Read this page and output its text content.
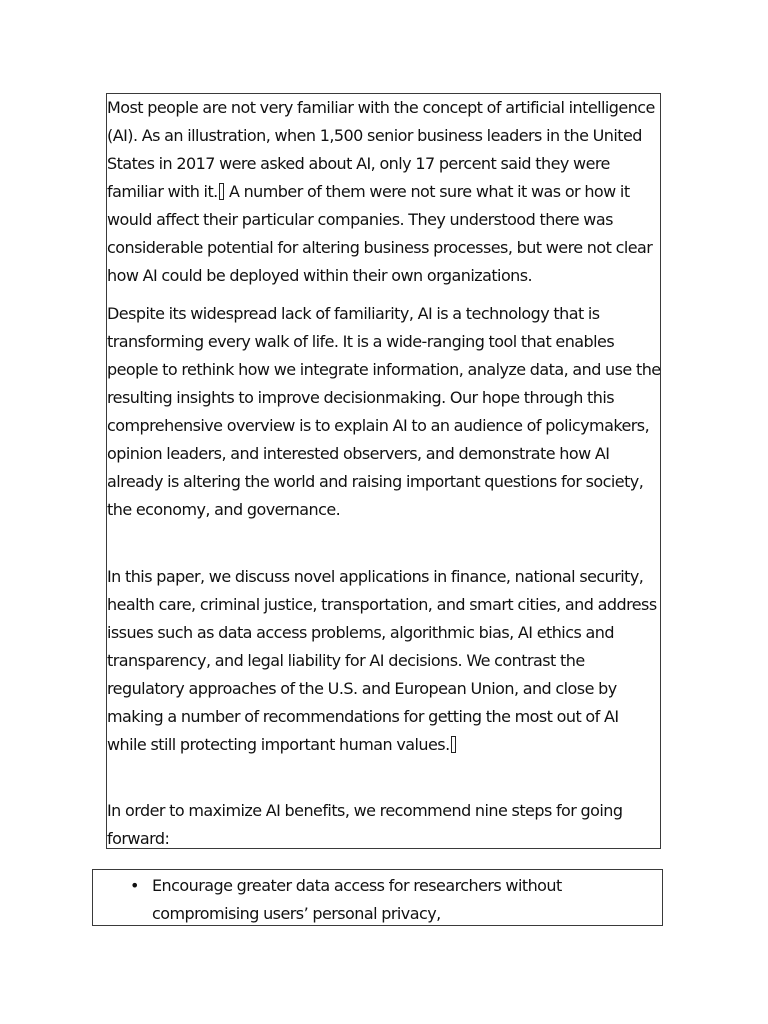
Most people are not very familiar with the concept of artificial intelligence
(AI). As an illustration, when 1,500 senior business leaders in the United
States in 2017 were asked about AI, only 17 percent said they were
familiar with it. A number of them were not sure what it was or how it
would affect their particular companies. They understood there was
considerable potential for altering business processes, but were not clear
how AI could be deployed within their own organizations.

Despite its widespread lack of familiarity, AI is a technology that is
transforming every walk of life. It is a wide-ranging tool that enables
people to rethink how we integrate information, analyze data, and use the
resulting insights to improve decisionmaking. Our hope through this
comprehensive overview is to explain AI to an audience of policymakers,
opinion leaders, and interested observers, and demonstrate how AI
already is altering the world and raising important questions for society,
the economy, and governance.

In this paper, we discuss novel applications in finance, national security,
health care, criminal justice, transportation, and smart cities, and address
issues such as data access problems, algorithmic bias, AI ethics and
transparency, and legal liability for AI decisions. We contrast the
regulatory approaches of the U.S. and European Union, and close by
making a number of recommendations for getting the most out of AI
while still protecting important human values.

In order to maximize AI benefits, we recommend nine steps for going
forward:

• Encourage greater data access for researchers without
compromising users’ personal privacy,
